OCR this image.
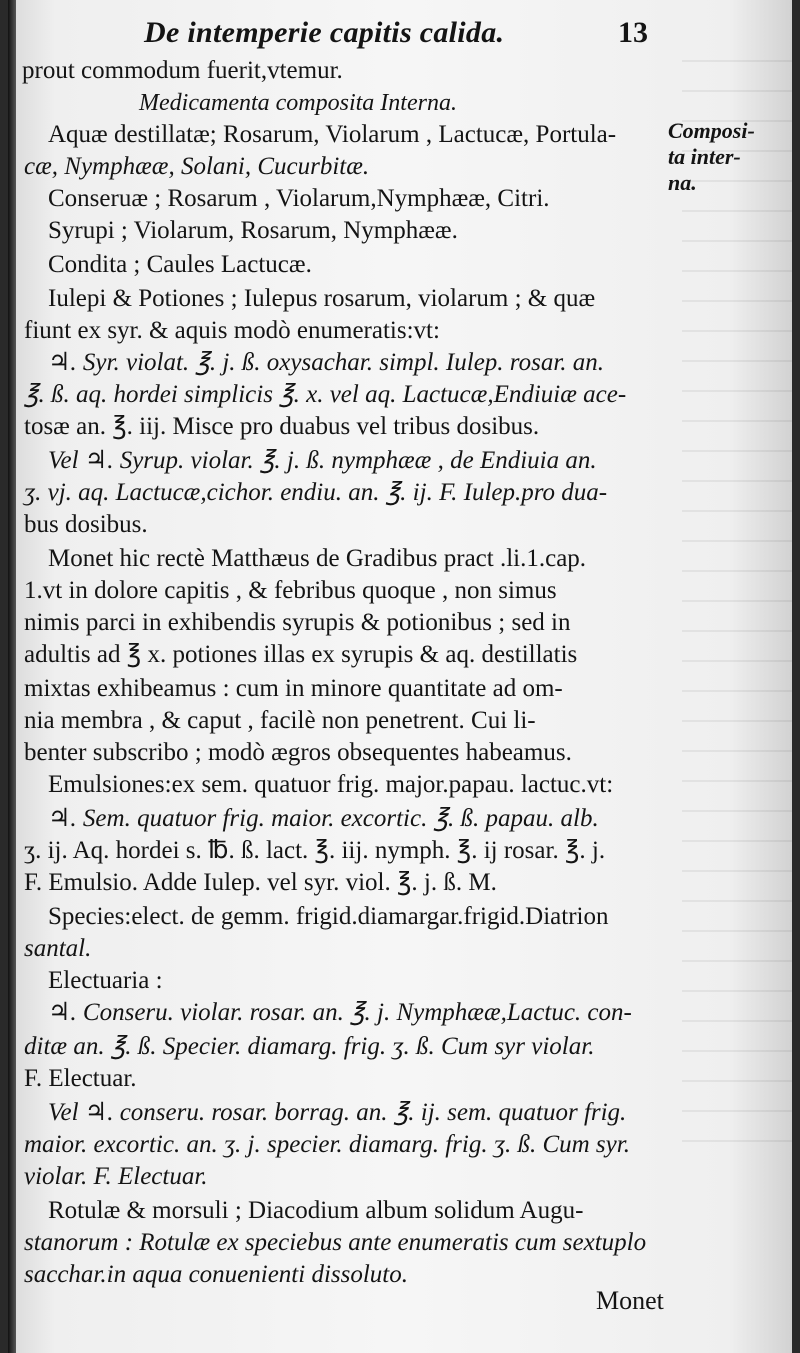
De intemperie capitis calida.	13
Composi-
ta inter-
na.
prout commodum fuerit,vtemur.
Medicamenta composita Interna.
Aquæ destillatæ; Rosarum, Violarum , Lactucæ, Portula-
cæ, Nymphææ, Solani, Cucurbitæ.
Conseruæ ; Rosarum , Violarum,Nymphææ, Citri.
Syrupi ; Violarum, Rosarum, Nymphææ.
Condita ; Caules Lactucæ.
Iulepi & Potiones ; Iulepus rosarum, violarum ; & quæ
fiunt ex syr. & aquis modò enumeratis:vt:
♃. Syr. violat. ℥. j. ß. oxysachar. simpl. Iulep. rosar. an.
℥. ß. aq. hordei simplicis ℥. x. vel aq. Lactucæ,Endiuiæ ace-
tosæ an. ℥. iij. Misce pro duabus vel tribus dosibus.
Vel ♃. Syrup. violar. ℥. j. ß. nymphææ , de Endiuia an.
ʒ. vj. aq. Lactucæ,cichor. endiu. an. ℥. ij. F. Iulep.pro dua-
bus dosibus.
Monet hic rectè Matthæus de Gradibus pract .li.1.cap.
1.vt in dolore capitis , & febribus quoque , non simus
nimis parci in exhibendis syrupis & potionibus ; sed in
adultis ad ℥ x. potiones illas ex syrupis & aq. destillatis
mixtas exhibeamus : cum in minore quantitate ad om-
nia membra , & caput , facilè non penetrent. Cui li-
benter subscribo ; modò ægros obsequentes habeamus.
Emulsiones:ex sem. quatuor frig. major.papau. lactuc.vt:
♃. Sem. quatuor frig. maior. excortic. ℥. ß. papau. alb.
ʒ. ij. Aq. hordei s. ℔. ß. lact. ℥. iij. nymph. ℥. ij rosar. ℥. j.
F. Emulsio. Adde Iulep. vel syr. viol. ℥. j. ß. M.
Species:elect. de gemm. frigid.diamargar.frigid.Diatrion
santal.
Electuaria :
♃. Conseru. violar. rosar. an. ℥. j. Nymphææ,Lactuc. con-
ditæ an. ℥. ß. Specier. diamarg. frig. ʒ. ß. Cum syr violar.
F. Electuar.
Vel ♃. conseru. rosar. borrag. an. ℥. ij. sem. quatuor frig.
maior. excortic. an. ʒ. j. specier. diamarg. frig. ʒ. ß. Cum syr.
violar. F. Electuar.
Rotulæ & morsuli ; Diacodium album solidum Augu-
stanorum : Rotulæ ex speciebus ante enumeratis cum sextuplo
sacchar.in aqua conuenienti dissoluto.
Monet
